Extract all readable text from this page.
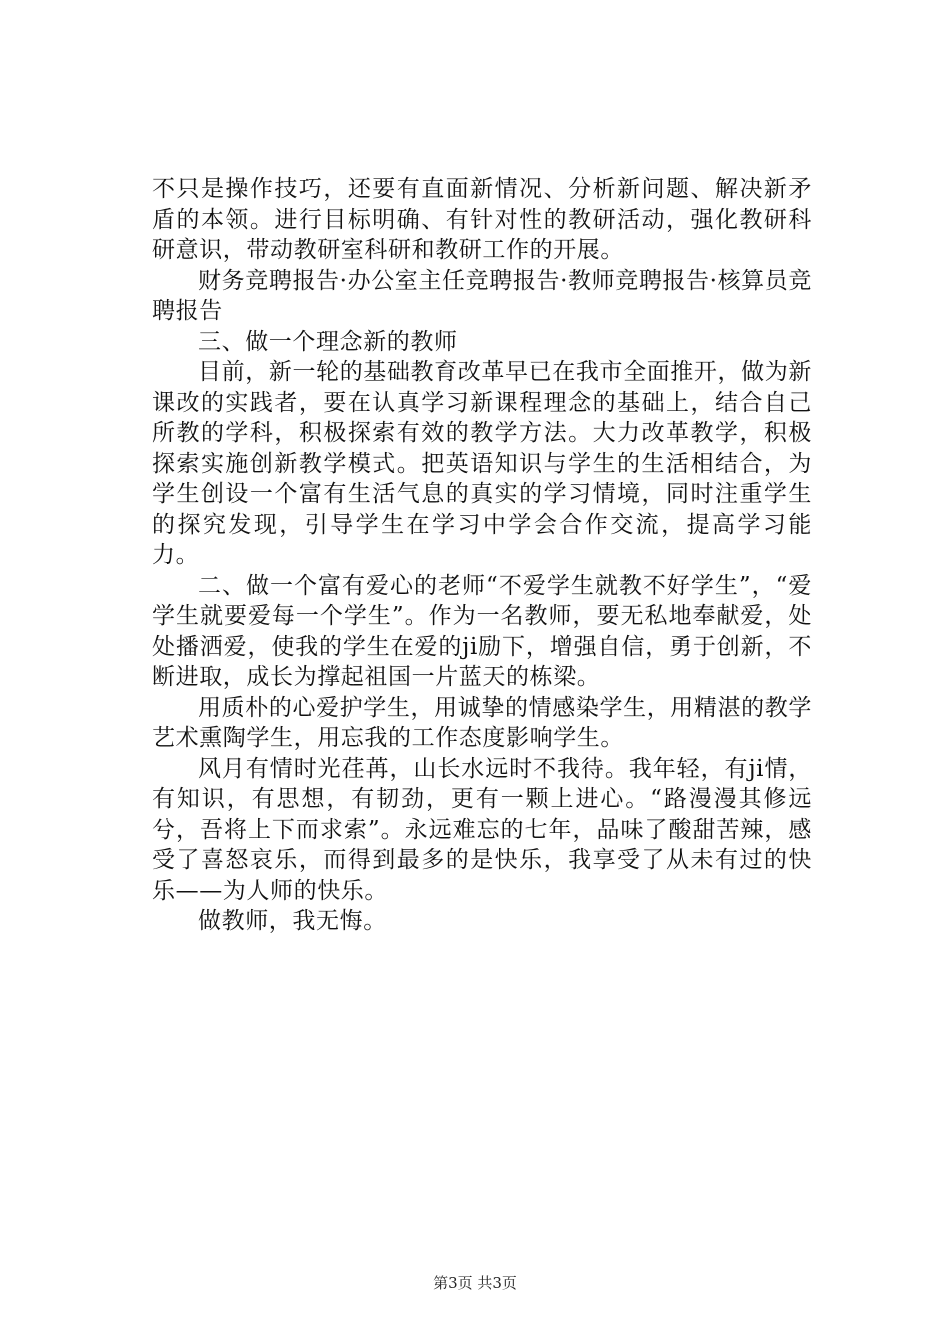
不只是操作技巧，还要有直面新情况、分析新问题、解决新矛盾的本领。进行目标明确、有针对性的教研活动，强化教研科研意识，带动教研室科研和教研工作的开展。

财务竞聘报告·办公室主任竞聘报告·教师竞聘报告·核算员竞聘报告

三、做一个理念新的教师

目前，新一轮的基础教育改革早已在我市全面推开，做为新课改的实践者，要在认真学习新课程理念的基础上，结合自己所教的学科，积极探索有效的教学方法。大力改革教学，积极探索实施创新教学模式。把英语知识与学生的生活相结合，为学生创设一个富有生活气息的真实的学习情境，同时注重学生的探究发现，引导学生在学习中学会合作交流，提高学习能力。

二、做一个富有爱心的老师“不爱学生就教不好学生”，“爱学生就要爱每一个学生”。作为一名教师，要无私地奉献爱，处处播洒爱，使我的学生在爱的ji励下，增强自信，勇于创新，不断进取，成长为撑起祖国一片蓝天的栋梁。

用质朴的心爱护学生，用诚挚的情感染学生，用精湛的教学艺术熏陶学生，用忘我的工作态度影响学生。

风月有情时光荏苒，山长水远时不我待。我年轻，有ji情，有知识，有思想，有韧劲，更有一颗上进心。“路漫漫其修远兮，吾将上下而求索”。永远难忘的七年，品味了酸甜苦辣，感受了喜怒哀乐，而得到最多的是快乐，我享受了从未有过的快乐——为人师的快乐。

做教师，我无悔。

第3页 共3页
